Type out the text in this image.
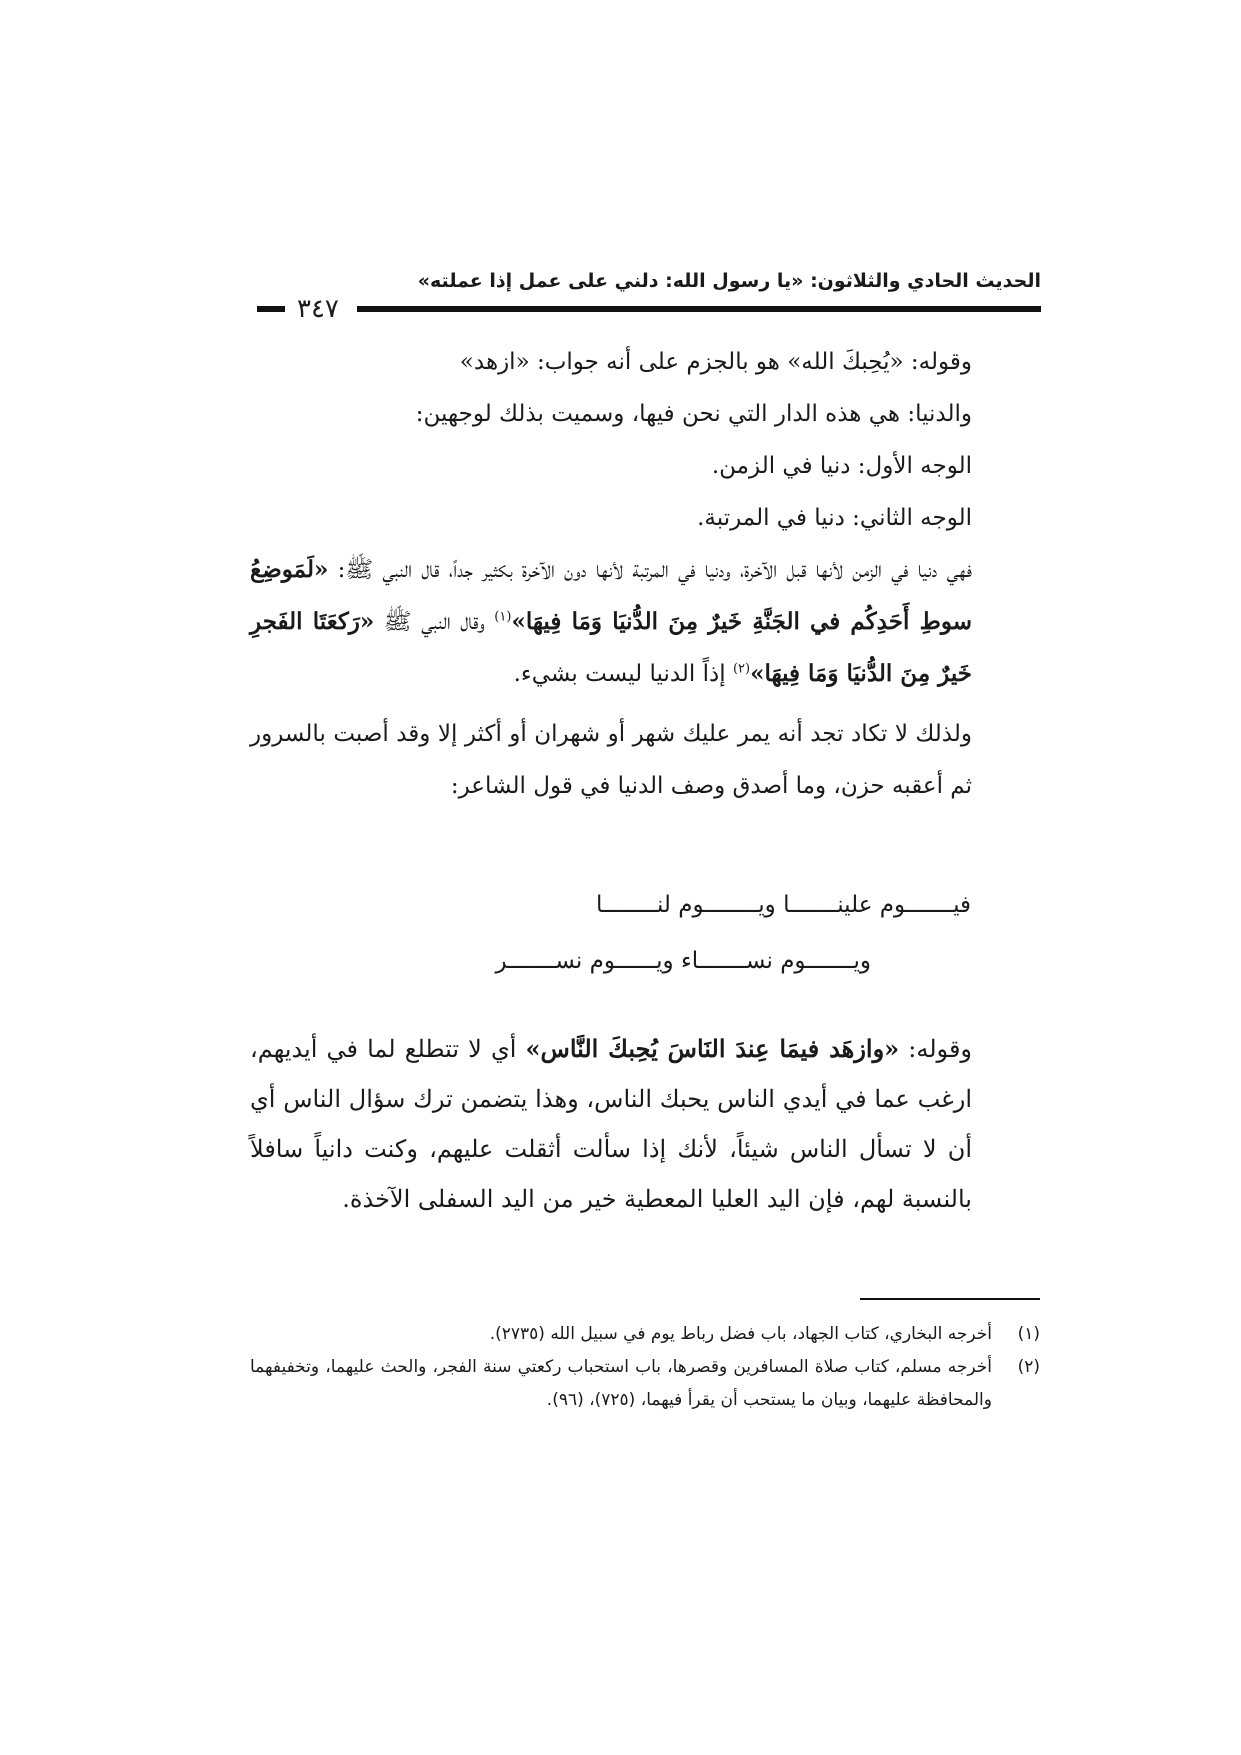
الحديث الحادي والثلاثون: «يا رسول الله: دلني على عمل إذا عملته»
٣٤٧

وقوله: «يُحِبكَ الله» هو بالجزم على أنه جواب: «ازهد»

والدنيا: هي هذه الدار التي نحن فيها، وسميت بذلك لوجهين:

الوجه الأول: دنيا في الزمن.

الوجه الثاني: دنيا في المرتبة.

فهي دنيا في الزمن لأنها قبل الآخرة، ودنيا في المرتبة لأنها دون الآخرة بكثير جداً، قال النبي ﷺ: «لَمَوضِعُ سوطِ أَحَدِكُم في الجَنَّةِ خَيرٌ مِنَ الدُّنيَا وَمَا فِيهَا»$^{(١)}$ وقال النبي ﷺ «رَكعَتَا الفَجرِ خَيرٌ مِنَ الدُّنيَا وَمَا فِيهَا»$^{(٢)}$ إذاً الدنيا ليست بشيء.

ولذلك لا تكاد تجد أنه يمر عليك شهر أو شهران أو أكثر إلا وقد أصبت بالسرور ثم أعقبه حزن، وما أصدق وصف الدنيا في قول الشاعر:

فيـــــــوم علينـــــــا ويــــــــوم لنــــــــا
ويـــــــوم نســـــــاء ويــــــوم نســـــــر

وقوله: «وازهَد فيمَا عِندَ النَاسَ يُحِبكَ النَّاس» أي لا تتطلع لما في أيديهم، ارغب عما في أيدي الناس يحبك الناس، وهذا يتضمن ترك سؤال الناس أي أن لا تسأل الناس شيئاً، لأنك إذا سألت أثقلت عليهم، وكنت دانياً سافلاً بالنسبة لهم، فإن اليد العليا المعطية خير من اليد السفلى الآخذة.

(١)
أخرجه البخاري، كتاب الجهاد، باب فضل رباط يوم في سبيل الله (٢٧٣٥).
(٢)
أخرجه مسلم، كتاب صلاة المسافرين وقصرها، باب استحباب ركعتي سنة الفجر، والحث عليهما، وتخفيفهما والمحافظة عليهما، وبيان ما يستحب أن يقرأ فيهما، (٧٢٥)، (٩٦).
